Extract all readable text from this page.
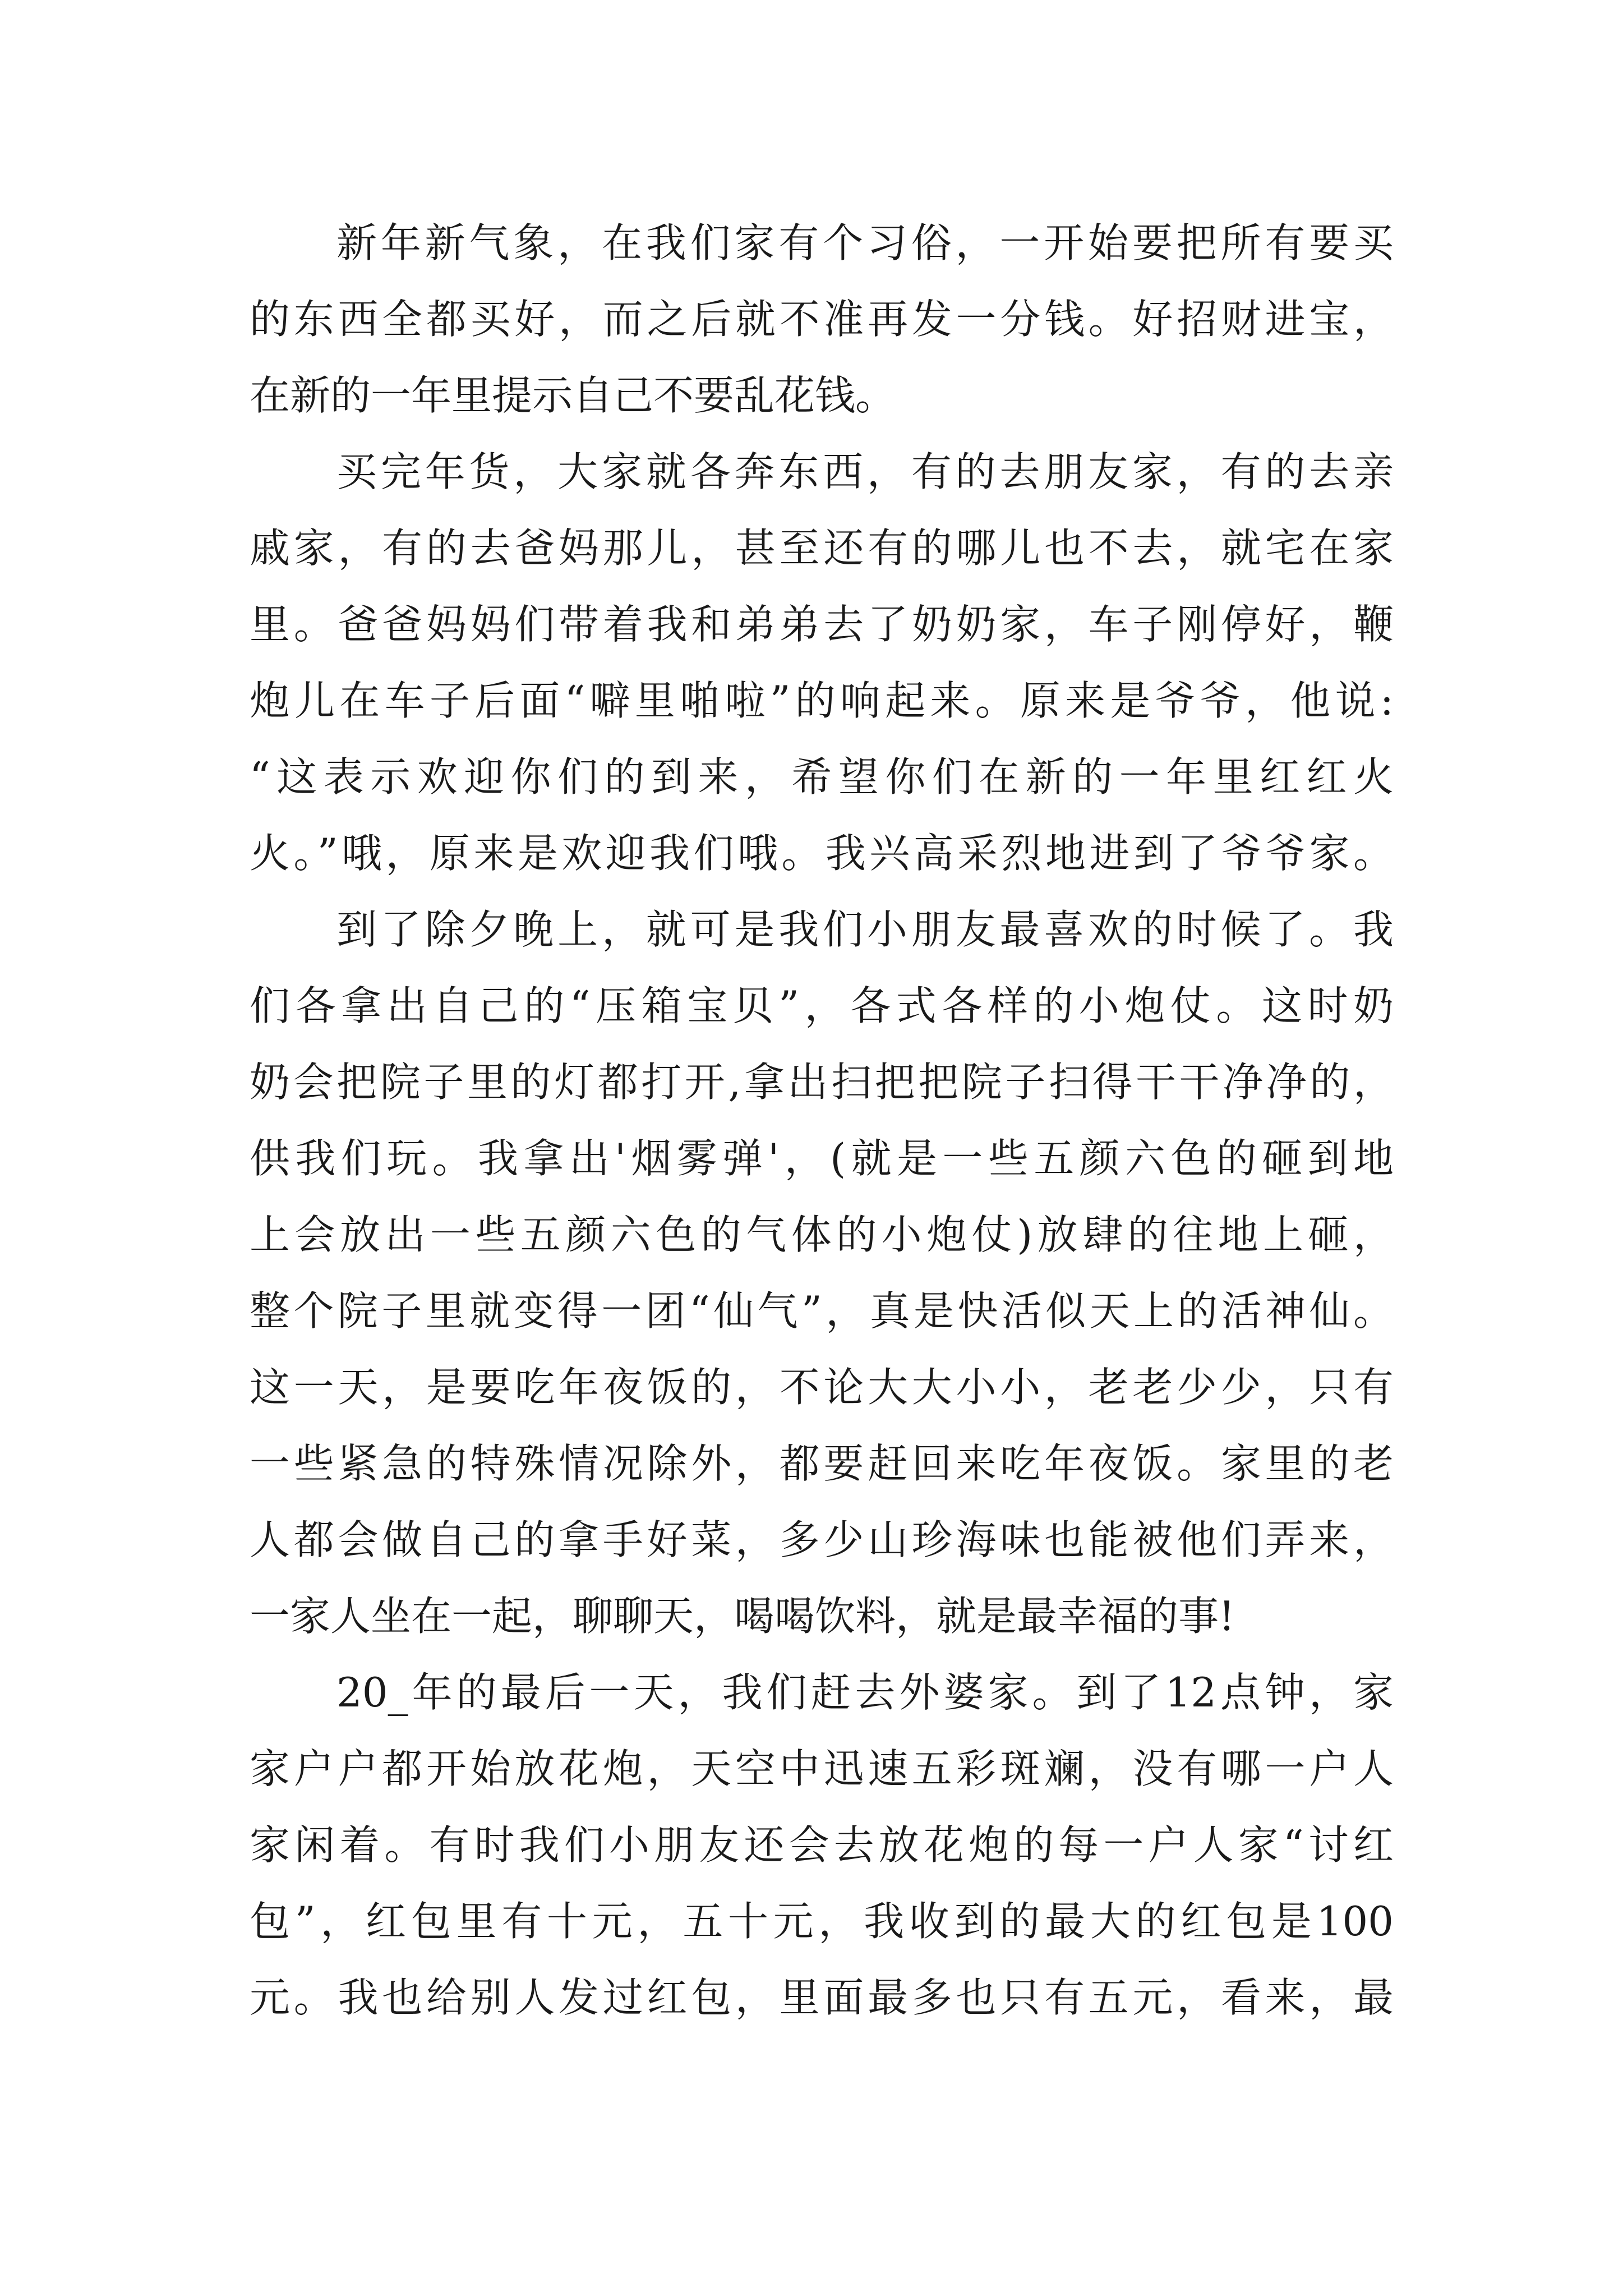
新年新气象，在我们家有个习俗，一开始要把所有要买
的东西全都买好，而之后就不准再发一分钱。好招财进宝，
在新的一年里提示自己不要乱花钱。
买完年货，大家就各奔东西，有的去朋友家，有的去亲
戚家，有的去爸妈那儿，甚至还有的哪儿也不去，就宅在家
里。爸爸妈妈们带着我和弟弟去了奶奶家，车子刚停好，鞭
炮儿在车子后面“噼里啪啦”的响起来。原来是爷爷，他说:
“这表示欢迎你们的到来，希望你们在新的一年里红红火
火。”哦，原来是欢迎我们哦。我兴高采烈地进到了爷爷家。
到了除夕晚上，就可是我们小朋友最喜欢的时候了。我
们各拿出自己的“压箱宝贝”，各式各样的小炮仗。这时奶
奶会把院子里的灯都打开,拿出扫把把院子扫得干干净净的，
供我们玩。我拿出'烟雾弹'，(就是一些五颜六色的砸到地
上会放出一些五颜六色的气体的小炮仗)放肆的往地上砸，
整个院子里就变得一团“仙气”，真是快活似天上的活神仙。
这一天，是要吃年夜饭的，不论大大小小，老老少少，只有
一些紧急的特殊情况除外，都要赶回来吃年夜饭。家里的老
人都会做自己的拿手好菜，多少山珍海味也能被他们弄来，
一家人坐在一起，聊聊天，喝喝饮料，就是最幸福的事!
20_年的最后一天，我们赶去外婆家。到了12点钟，家
家户户都开始放花炮，天空中迅速五彩斑斓，没有哪一户人
家闲着。有时我们小朋友还会去放花炮的每一户人家“讨红
包”，红包里有十元，五十元，我收到的最大的红包是100
元。我也给别人发过红包，里面最多也只有五元，看来，最
